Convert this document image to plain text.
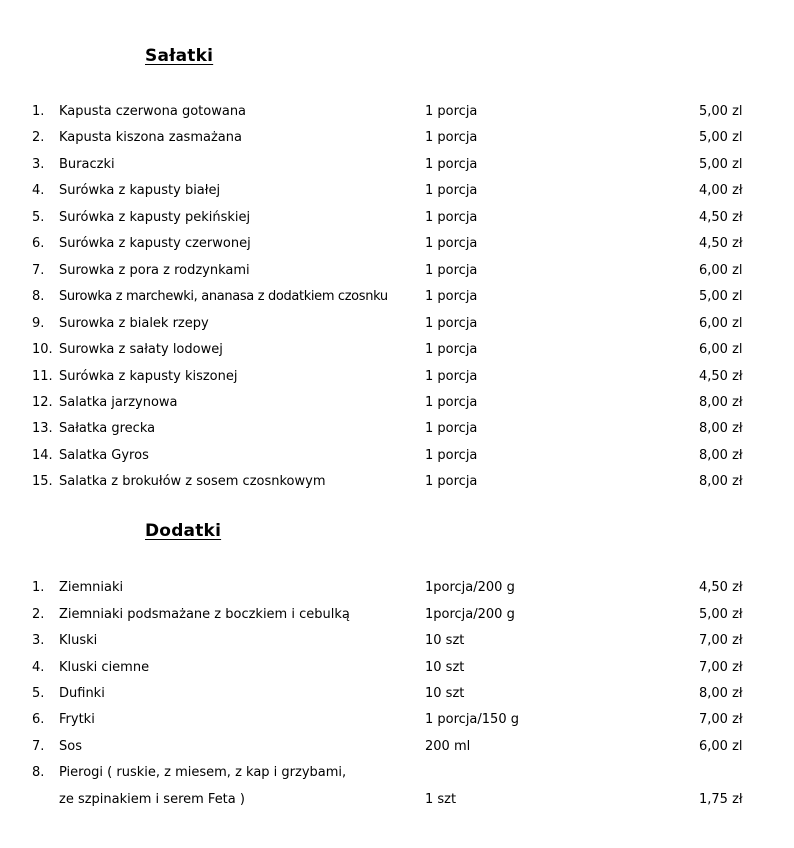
Sałatki
1. Kapusta czerwona gotowana	1 porcja	5,00 zl
2. Kapusta kiszona zasmażana	1 porcja	5,00 zl
3. Buraczki	1 porcja	5,00 zl
4. Surówka z kapusty białej	1 porcja	4,00 zł
5. Surówka z kapusty pekińskiej	1 porcja	4,50 zł
6. Surówka z kapusty czerwonej	1 porcja	4,50 zł
7. Surowka z pora z rodzynkami	1 porcja	6,00 zl
8. Surowka z marchewki, ananasa z dodatkiem czosnku	1 porcja	5,00 zl
9. Surowka z bialek rzepy	1 porcja	6,00 zl
10. Surowka z sałaty lodowej	1 porcja	6,00 zl
11. Surówka z kapusty kiszonej	1 porcja	4,50 zł
12. Salatka jarzynowa	1 porcja	8,00 zł
13. Sałatka grecka	1 porcja	8,00 zł
14. Salatka Gyros	1 porcja	8,00 zł
15. Salatka z brokułów z sosem czosnkowym	1 porcja	8,00 zł
Dodatki
1. Ziemniaki	1porcja/200 g	4,50 zł
2. Ziemniaki podsmażane z boczkiem i cebulką	1porcja/200 g	5,00 zł
3. Kluski	10 szt	7,00 zł
4. Kluski ciemne	10 szt	7,00 zł
5. Dufinki	10 szt	8,00 zł
6. Frytki	1 porcja/150 g	7,00 zł
7. Sos	200 ml	6,00 zl
8. Pierogi ( ruskie, z miesem, z kap i grzybami,
ze szpinakiem i serem Feta )	1 szt	1,75 zł
